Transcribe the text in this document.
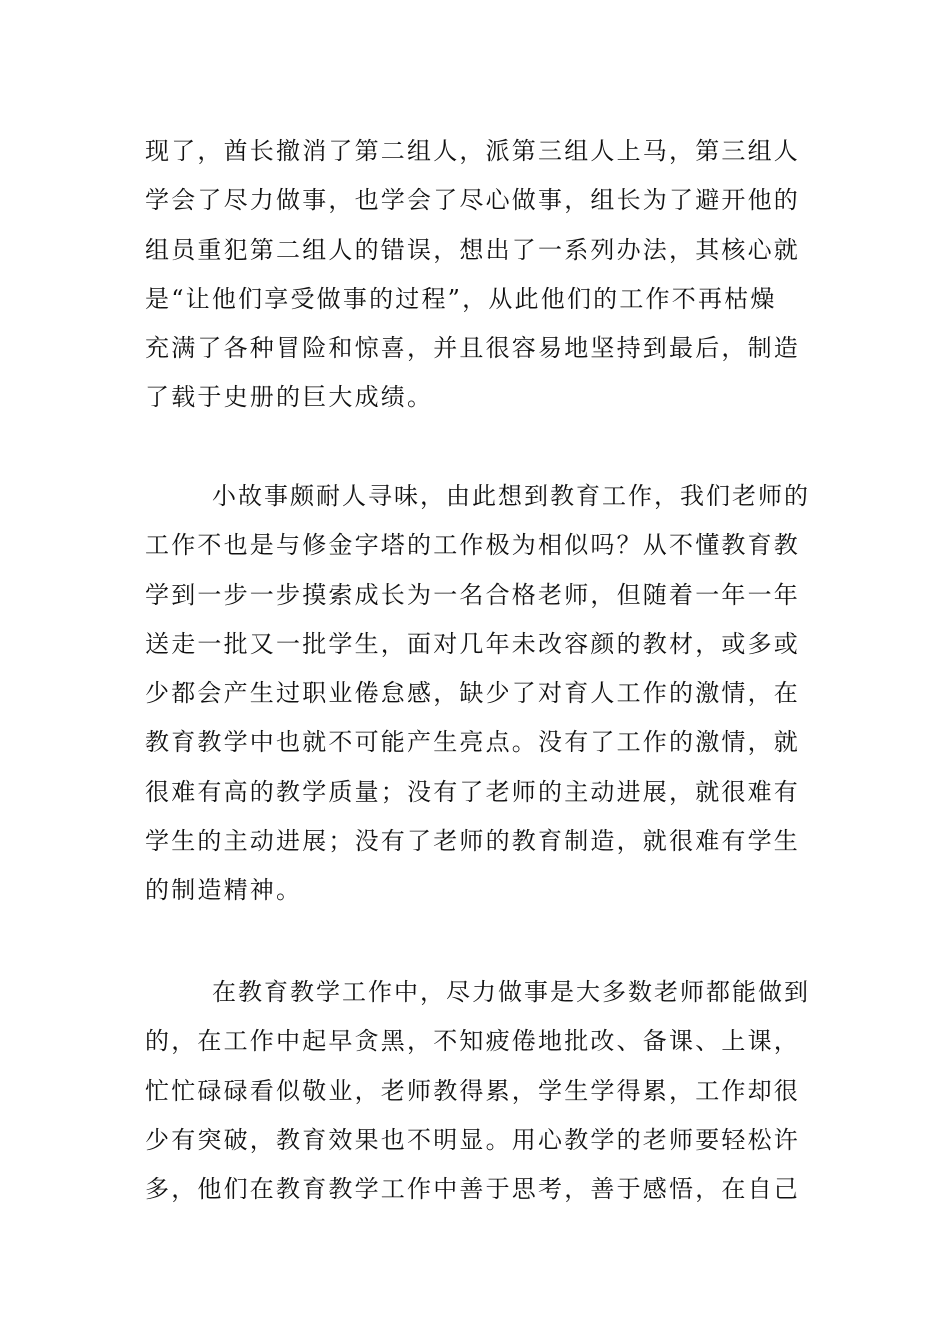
现了，酋长撤消了第二组人，派第三组人上马，第三组人
学会了尽力做事，也学会了尽心做事，组长为了避开他的
组员重犯第二组人的错误，想出了一系列办法，其核心就
是“让他们享受做事的过程”，从此他们的工作不再枯燥
充满了各种冒险和惊喜，并且很容易地坚持到最后，制造
了载于史册的巨大成绩。
小故事颇耐人寻味，由此想到教育工作，我们老师的
工作不也是与修金字塔的工作极为相似吗？从不懂教育教
学到一步一步摸索成长为一名合格老师，但随着一年一年
送走一批又一批学生，面对几年未改容颜的教材，或多或
少都会产生过职业倦怠感，缺少了对育人工作的激情，在
教育教学中也就不可能产生亮点。没有了工作的激情，就
很难有高的教学质量；没有了老师的主动进展，就很难有
学生的主动进展；没有了老师的教育制造，就很难有学生
的制造精神。
在教育教学工作中，尽力做事是大多数老师都能做到
的，在工作中起早贪黑，不知疲倦地批改、备课、上课，
忙忙碌碌看似敬业，老师教得累，学生学得累，工作却很
少有突破，教育效果也不明显。用心教学的老师要轻松许
多，他们在教育教学工作中善于思考，善于感悟，在自己
